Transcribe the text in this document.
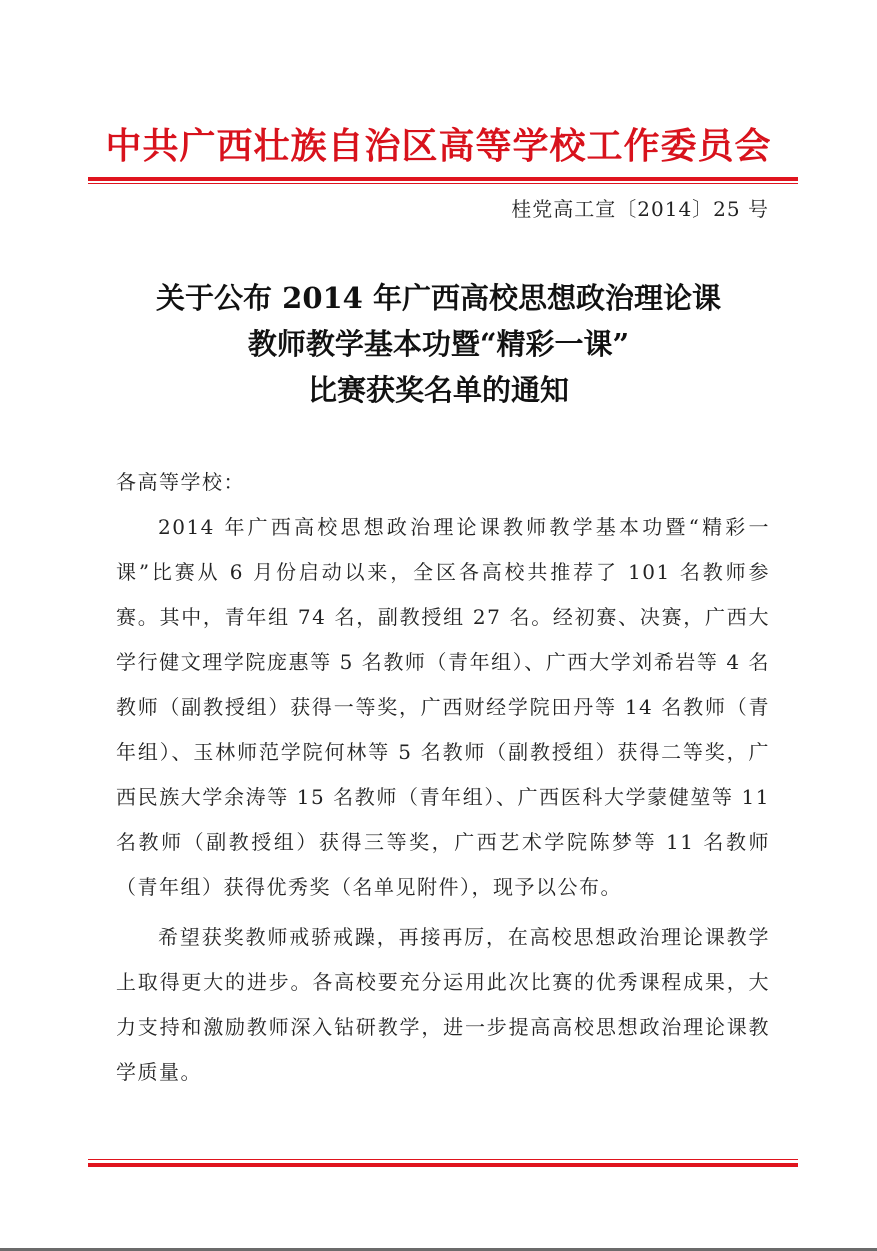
中共广西壮族自治区高等学校工作委员会
桂党高工宣〔2014〕25 号
关于公布 2014 年广西高校思想政治理论课
教师教学基本功暨“精彩一课”
比赛获奖名单的通知

各高等学校：

2014 年广西高校思想政治理论课教师教学基本功暨“精彩一课”比赛从 6 月份启动以来，全区各高校共推荐了 101 名教师参赛。其中，青年组 74 名，副教授组 27 名。经初赛、决赛，广西大学行健文理学院庞惠等 5 名教师（青年组）、广西大学刘希岩等 4 名教师（副教授组）获得一等奖，广西财经学院田丹等 14 名教师（青年组）、玉林师范学院何林等 5 名教师（副教授组）获得二等奖，广西民族大学余涛等 15 名教师（青年组）、广西医科大学蒙健堃等 11 名教师（副教授组）获得三等奖，广西艺术学院陈梦等 11 名教师（青年组）获得优秀奖（名单见附件），现予以公布。

希望获奖教师戒骄戒躁，再接再厉，在高校思想政治理论课教学上取得更大的进步。各高校要充分运用此次比赛的优秀课程成果，大力支持和激励教师深入钻研教学，进一步提高高校思想政治理论课教学质量。
